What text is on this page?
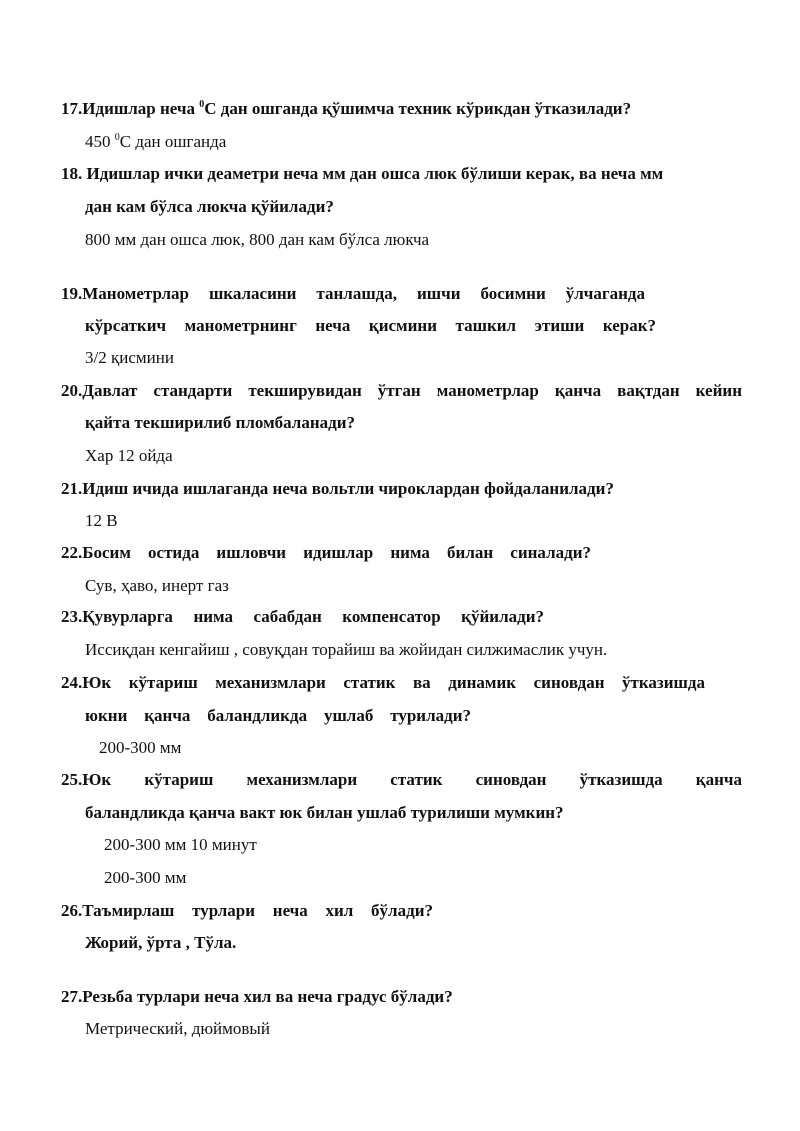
17.Идишлар неча $^0$С дан ошганда қўшимча техник кўрикдан ўтказилади?
450 $^0$С дан ошганда
18. Идишлар ички деаметри неча мм дан ошса люк бўлиши керак, ва неча мм
дан кам бўлса люкча қўйилади?
800 мм дан ошса люк, 800 дан кам бўлса люкча
19.Манометрлар шкаласини танлашда, ишчи босимни ўлчаганда
кўрсаткич манометрнинг неча қисмини ташкил этиши керак?
3/2 қисмини
20.Давлат стандарти текширувидан ўтган манометрлар қанча вақтдан кейин
қайта текширилиб пломбаланади?
Хар 12 ойда
21.Идиш ичида ишлаганда неча вольтли чироклардан фойдаланилади?
12 В
22.Босим остида ишловчи идишлар нима билан синалади?
Сув, ҳаво, инерт газ
23.Қувурларга нима сабабдан компенсатор қўйилади?
Иссиқдан кенгайиш , совуқдан торайиш ва жойидан силжимаслик учун.
24.Юк кўтариш механизмлари статик ва динамик синовдан ўтказишда
юкни қанча баландликда ушлаб турилади?
200-300 мм
25.Юк кўтариш механизмлари статик синовдан ўтказишда қанча
баландликда қанча вакт юк билан ушлаб турилиши мумкин?
200-300 мм 10 минут
200-300 мм
26.Таъмирлаш турлари неча хил бўлади?
Жорий, ўрта , Тўла.
27.Резьба турлари неча хил ва неча градус бўлади?
Метрический, дюймовый
